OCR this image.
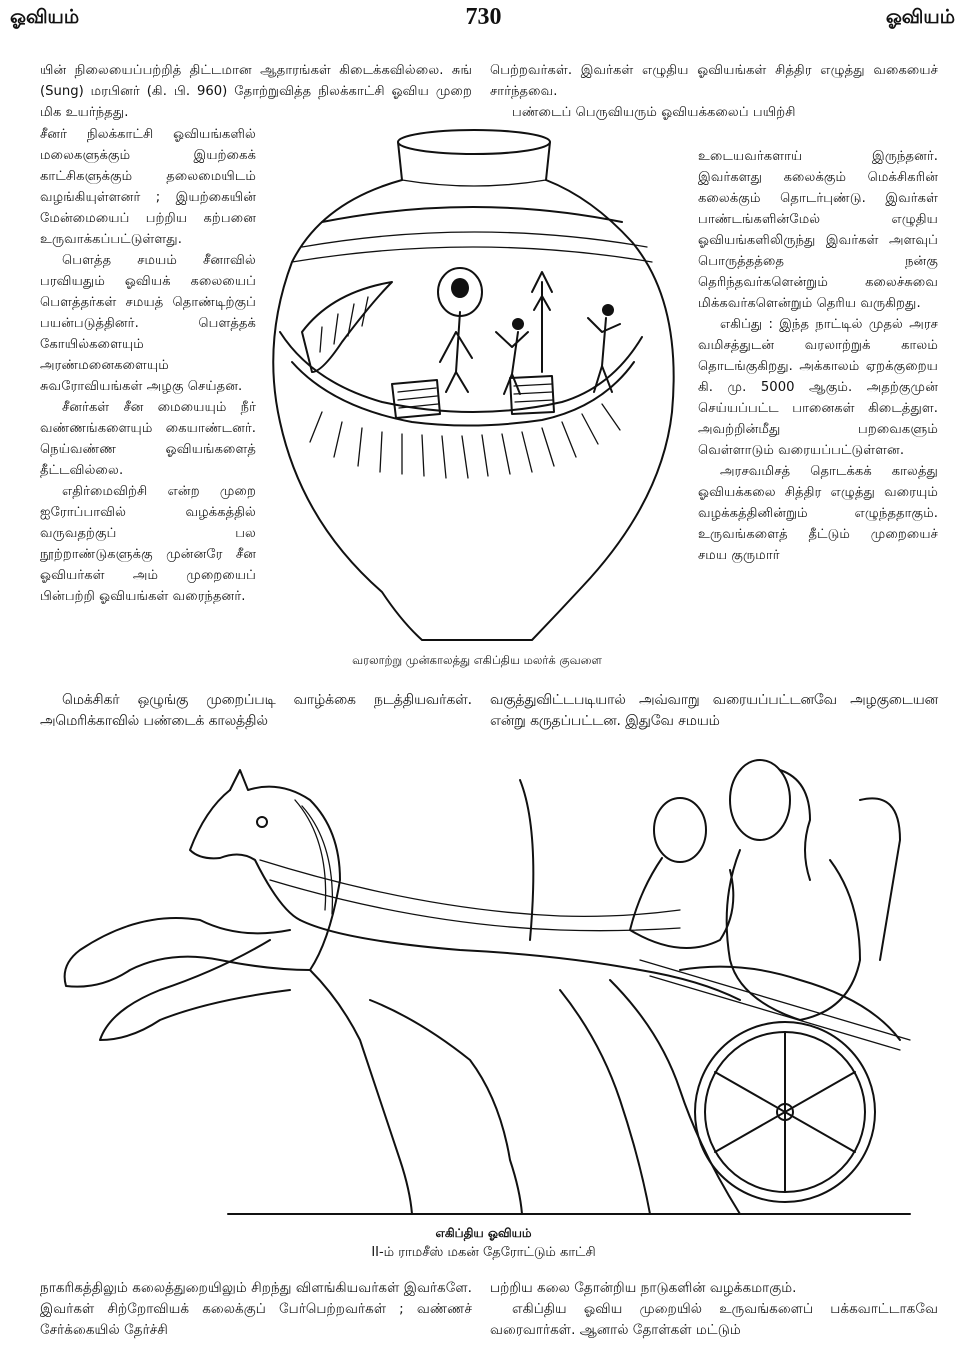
ஓவியம்	730	ஓவியம்

யின் நிலையைப்பற்றித் திட்டமான ஆதாரங்கள் கிடைக்கவில்லை. சுங் (Sung) மரபினர் (கி. பி. 960) தோற்றுவித்த நிலக்காட்சி ஓவிய முறை மிக உயர்ந்தது.

பெற்றவர்கள். இவர்கள் எழுதிய ஓவியங்கள் சித்திர எழுத்து வகையைச் சார்ந்தவை.

பண்டைப் பெருவியரும் ஓவியக்கலைப் பயிற்சி

சீனர் நிலக்காட்சி ஓவியங்களில் மலைகளுக்கும் இயற்கைக் காட்சிகளுக்கும் தலைமையிடம் வழங்கியுள்ளனர் ; இயற்கையின் மேன்மையைப் பற்றிய கற்பனை உருவாக்கப்பட்டுள்ளது.

பௌத்த சமயம் சீனாவில் பரவியதும் ஓவியக் கலையைப் பௌத்தர்கள் சமயத் தொண்டிற்குப் பயன்படுத்தினர். பௌத்தக் கோயில்களையும் அரண்மனைகளையும் சுவரோவியங்கள் அழகு செய்தன.

சீனர்கள் சீன மையையும் நீர் வண்ணங்களையும் கையாண்டனர். நெய்வண்ண ஓவியங்களைத் தீட்டவில்லை.

எதிர்மைவிற்சி என்ற முறை ஐரோப்பாவில் வழக்கத்தில் வருவதற்குப் பல நூற்றாண்டுகளுக்கு முன்னரே சீன ஓவியர்கள் அம் முறையைப் பின்பற்றி ஓவியங்கள் வரைந்தனர்.

உடையவர்களாய் இருந்தனர். இவர்களது கலைக்கும் மெக்சிகரின் கலைக்கும் தொடர்புண்டு. இவர்கள் பாண்டங்களின்மேல் எழுதிய ஓவியங்களிலிருந்து இவர்கள் அளவுப் பொருத்தத்தை நன்கு தெரிந்தவர்களென்றும் கலைச்சுவை மிக்கவர்களென்றும் தெரிய வருகிறது.

எகிப்து : இந்த நாட்டில் முதல் அரச வமிசத்துடன் வரலாற்றுக் காலம் தொடங்குகிறது. அக்காலம் ஏறக்குறைய கி. மு. 5000 ஆகும். அதற்குமுன் செய்யப்பட்ட பானைகள் கிடைத்துள. அவற்றின்மீது பறவைகளும் வெள்ளாடும் வரையப்பட்டுள்ளன.

அரசவமிசத் தொடக்கக் காலத்து ஓவியக்கலை சித்திர எழுத்து வரையும் வழக்கத்தினின்றும் எழுந்ததாகும். உருவங்களைத் தீட்டும் முறையைச் சமய குருமார்

வரலாற்று முன்காலத்து எகிப்திய மலர்க் குவளை

மெக்சிகர் ஒழுங்கு முறைப்படி வாழ்க்கை நடத்தியவர்கள். அமெரிக்காவில் பண்டைக் காலத்தில்

வகுத்துவிட்டபடியால் அவ்வாறு வரையப்பட்டனவே அழகுடையன என்று கருதப்பட்டன. இதுவே சமயம்

எகிப்திய ஓவியம்
II-ம் ராமசீஸ் மகன் தேரோட்டும் காட்சி

நாகரிகத்திலும் கலைத்துறையிலும் சிறந்து விளங்கியவர்கள் இவர்களே. இவர்கள் சிற்றோவியக் கலைக்குப் பேர்பெற்றவர்கள் ; வண்ணச் சேர்க்கையில் தேர்ச்சி

பற்றிய கலை தோன்றிய நாடுகளின் வழக்கமாகும்.

எகிப்திய ஓவிய முறையில் உருவங்களைப் பக்கவாட்டாகவே வரைவார்கள். ஆனால் தோள்கள் மட்டும்
